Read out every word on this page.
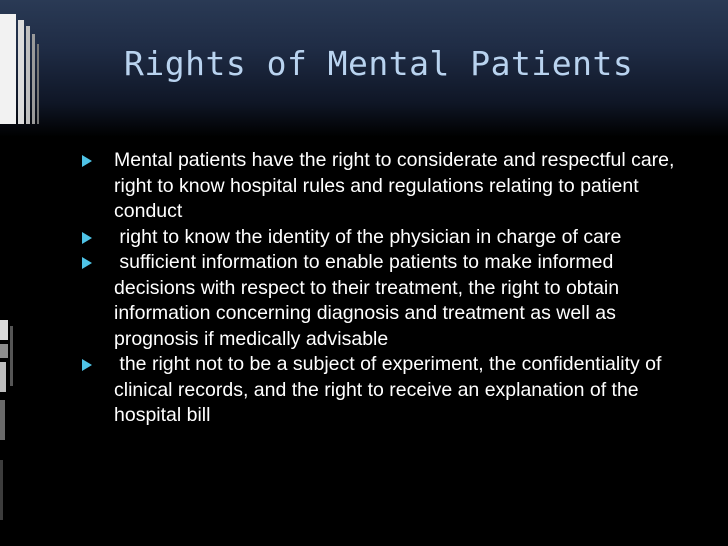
Rights of Mental Patients
Mental patients have the right to considerate and respectful care, right to know hospital rules and regulations relating to patient conduct
right to know the identity of the physician in charge of care
sufficient information to enable patients to make informed decisions with respect to their treatment, the right to obtain information concerning diagnosis and treatment as well as prognosis if medically advisable
the right not to be a subject of experiment, the confidentiality of clinical records, and the right to receive an explanation of the hospital bill
